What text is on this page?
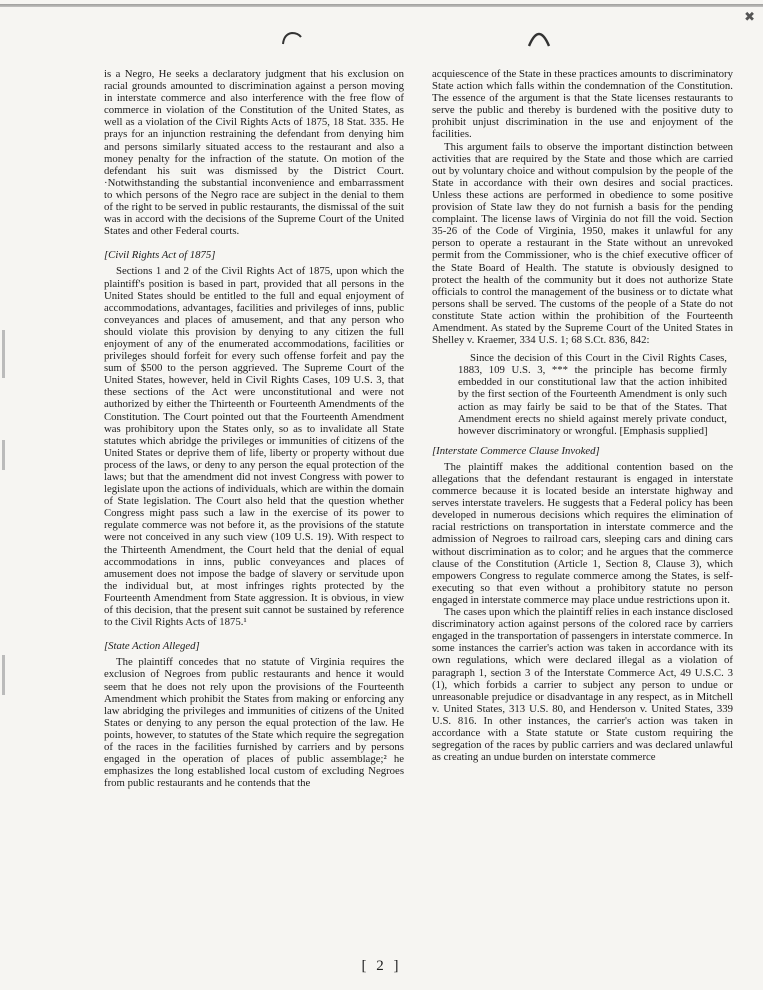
✖

is a Negro, He seeks a declaratory judgment that his exclusion on racial grounds amounted to discrimination against a person moving in interstate commerce and also interference with the free flow of commerce in violation of the Constitution of the United States, as well as a violation of the Civil Rights Acts of 1875, 18 Stat. 335. He prays for an injunction restraining the defendant from denying him and persons similarly situated access to the restaurant and also a money penalty for the infraction of the statute. On motion of the defendant his suit was dismissed by the District Court. ·Notwithstanding the substantial inconvenience and embarrassment to which persons of the Negro race are subject in the denial to them of the right to be served in public restaurants, the dismissal of the suit was in accord with the decisions of the Supreme Court of the United States and other Federal courts.

[Civil Rights Act of 1875]

Sections 1 and 2 of the Civil Rights Act of 1875, upon which the plaintiff's position is based in part, provided that all persons in the United States should be entitled to the full and equal enjoyment of accommodations, advantages, facilities and privileges of inns, public conveyances and places of amusement, and that any person who should violate this provision by denying to any citizen the full enjoyment of any of the enumerated accommodations, facilities or privileges should forfeit for every such offense forfeit and pay the sum of $500 to the person aggrieved. The Supreme Court of the United States, however, held in Civil Rights Cases, 109 U.S. 3, that these sections of the Act were unconstitutional and were not authorized by either the Thirteenth or Fourteenth Amendments of the Constitution. The Court pointed out that the Fourteenth Amendment was prohibitory upon the States only, so as to invalidate all State statutes which abridge the privileges or immunities of citizens of the United States or deprive them of life, liberty or property without due process of the laws, or deny to any person the equal protection of the laws; but that the amendment did not invest Congress with power to legislate upon the actions of individuals, which are within the domain of State legislation. The Court also held that the question whether Congress might pass such a law in the exercise of its power to regulate commerce was not before it, as the provisions of the statute were not conceived in any such view (109 U.S. 19). With respect to the Thirteenth Amendment, the Court held that the denial of equal accommodations in inns, public conveyances and places of amusement does not impose the badge of slavery or servitude upon the individual but, at most infringes rights protected by the Fourteenth Amendment from State aggression. It is obvious, in view of this decision, that the present suit cannot be sustained by reference to the Civil Rights Acts of 1875.¹

[State Action Alleged]

The plaintiff concedes that no statute of Virginia requires the exclusion of Negroes from public restaurants and hence it would seem that he does not rely upon the provisions of the Fourteenth Amendment which prohibit the States from making or enforcing any law abridging the privileges and immunities of citizens of the United States or denying to any person the equal protection of the law. He points, however, to statutes of the State which require the segregation of the races in the facilities furnished by carriers and by persons engaged in the operation of places of public assemblage;² he emphasizes the long established local custom of excluding Negroes from public restaurants and he contends that the

acquiescence of the State in these practices amounts to discriminatory State action which falls within the condemnation of the Constitution. The essence of the argument is that the State licenses restaurants to serve the public and thereby is burdened with the positive duty to prohibit unjust discrimination in the use and enjoyment of the facilities.

This argument fails to observe the important distinction between activities that are required by the State and those which are carried out by voluntary choice and without compulsion by the people of the State in accordance with their own desires and social practices. Unless these actions are performed in obedience to some positive provision of State law they do not furnish a basis for the pending complaint. The license laws of Virginia do not fill the void. Section 35-26 of the Code of Virginia, 1950, makes it unlawful for any person to operate a restaurant in the State without an unrevoked permit from the Commissioner, who is the chief executive officer of the State Board of Health. The statute is obviously designed to protect the health of the community but it does not authorize State officials to control the management of the business or to dictate what persons shall be served. The customs of the people of a State do not constitute State action within the prohibition of the Fourteenth Amendment. As stated by the Supreme Court of the United States in Shelley v. Kraemer, 334 U.S. 1; 68 S.Ct. 836, 842:

Since the decision of this Court in the Civil Rights Cases, 1883, 109 U.S. 3, *** the principle has become firmly embedded in our constitutional law that the action inhibited by the first section of the Fourteenth Amendment is only such action as may fairly be said to be that of the States. That Amendment erects no shield against merely private conduct, however discriminatory or wrongful. [Emphasis supplied]

[Interstate Commerce Clause Invoked]

The plaintiff makes the additional contention based on the allegations that the defendant restaurant is engaged in interstate commerce because it is located beside an interstate highway and serves interstate travelers. He suggests that a Federal policy has been developed in numerous decisions which requires the elimination of racial restrictions on transportation in interstate commerce and the admission of Negroes to railroad cars, sleeping cars and dining cars without discrimination as to color; and he argues that the commerce clause of the Constitution (Article 1, Section 8, Clause 3), which empowers Congress to regulate commerce among the States, is self-executing so that even without a prohibitory statute no person engaged in interstate commerce may place undue restrictions upon it.

The cases upon which the plaintiff relies in each instance disclosed discriminatory action against persons of the colored race by carriers engaged in the transportation of passengers in interstate commerce. In some instances the carrier's action was taken in accordance with its own regulations, which were declared illegal as a violation of paragraph 1, section 3 of the Interstate Commerce Act, 49 U.S.C. 3 (1), which forbids a carrier to subject any person to undue or unreasonable prejudice or disadvantage in any respect, as in Mitchell v. United States, 313 U.S. 80, and Henderson v. United States, 339 U.S. 816. In other instances, the carrier's action was taken in accordance with a State statute or State custom requiring the segregation of the races by public carriers and was declared unlawful as creating an undue burden on interstate commerce

[ 2 ]
